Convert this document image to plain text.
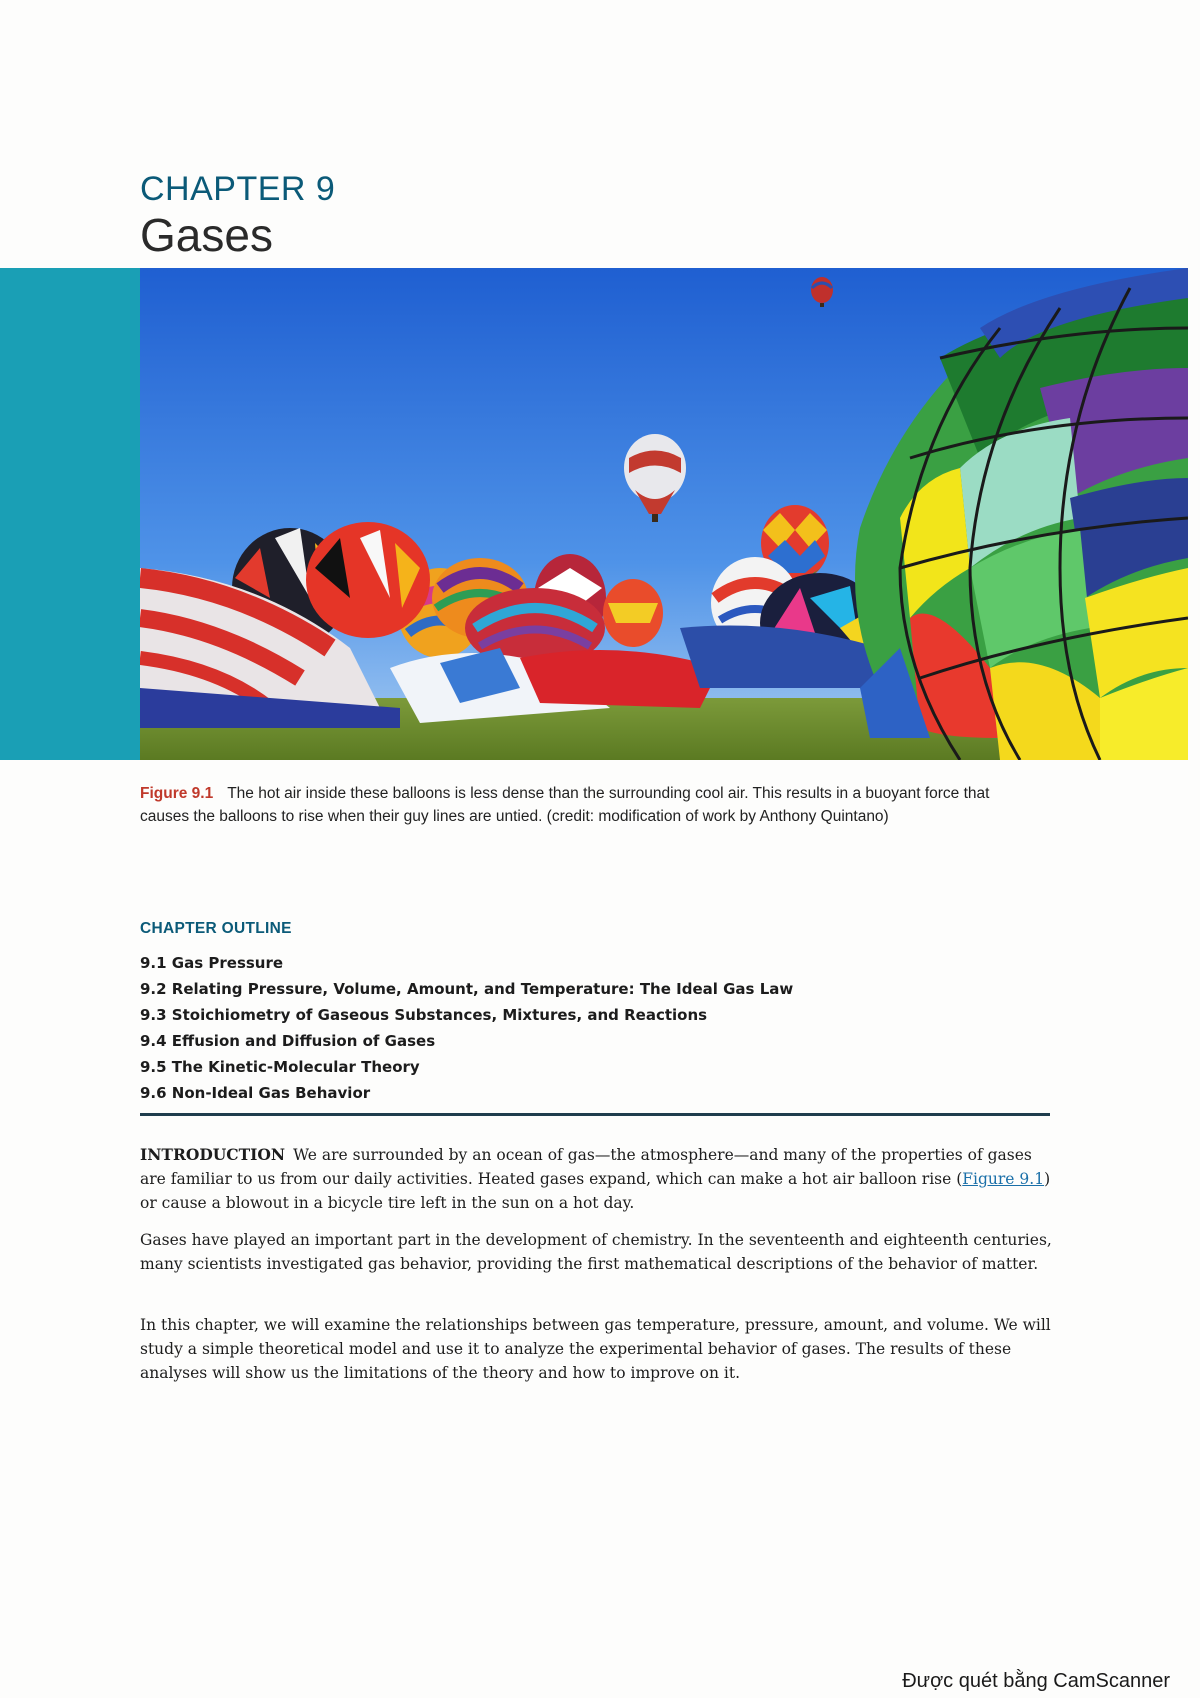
CHAPTER 9
Gases
Figure 9.1 The hot air inside these balloons is less dense than the surrounding cool air. This results in a buoyant force that causes the balloons to rise when their guy lines are untied. (credit: modification of work by Anthony Quintano)
CHAPTER OUTLINE
9.1 Gas Pressure
9.2 Relating Pressure, Volume, Amount, and Temperature: The Ideal Gas Law
9.3 Stoichiometry of Gaseous Substances, Mixtures, and Reactions
9.4 Effusion and Diffusion of Gases
9.5 The Kinetic-Molecular Theory
9.6 Non-Ideal Gas Behavior

INTRODUCTION We are surrounded by an ocean of gas—the atmosphere—and many of the properties of gases are familiar to us from our daily activities. Heated gases expand, which can make a hot air balloon rise (Figure 9.1) or cause a blowout in a bicycle tire left in the sun on a hot day.

Gases have played an important part in the development of chemistry. In the seventeenth and eighteenth centuries, many scientists investigated gas behavior, providing the first mathematical descriptions of the behavior of matter.

In this chapter, we will examine the relationships between gas temperature, pressure, amount, and volume. We will study a simple theoretical model and use it to analyze the experimental behavior of gases. The results of these analyses will show us the limitations of the theory and how to improve on it.

Được quét bằng CamScanner
